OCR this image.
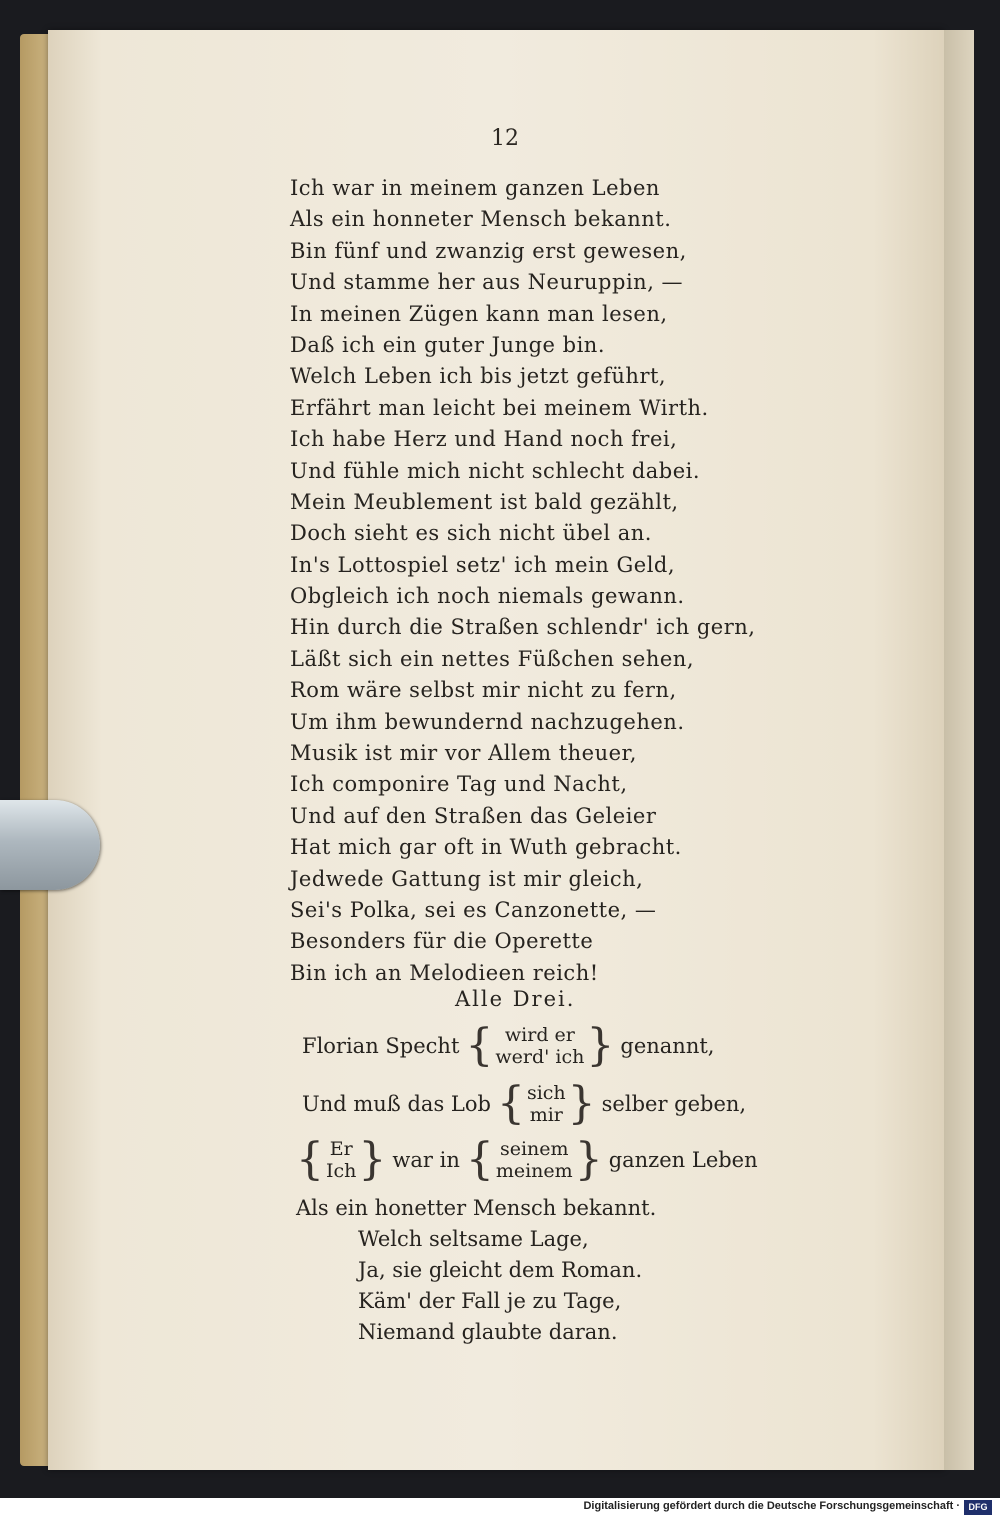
12
Ich war in meinem ganzen Leben
Als ein honneter Mensch bekannt.
Bin fünf und zwanzig erst gewesen,
Und stamme her aus Neuruppin, —
In meinen Zügen kann man lesen,
Daß ich ein guter Junge bin.
Welch Leben ich bis jetzt geführt,
Erfährt man leicht bei meinem Wirth.
Ich habe Herz und Hand noch frei,
Und fühle mich nicht schlecht dabei.
Mein Meublement ist bald gezählt,
Doch sieht es sich nicht übel an.
In's Lottospiel setz' ich mein Geld,
Obgleich ich noch niemals gewann.
Hin durch die Straßen schlendr' ich gern,
Läßt sich ein nettes Füßchen sehen,
Rom wäre selbst mir nicht zu fern,
Um ihm bewundernd nachzugehen.
Musik ist mir vor Allem theuer,
Ich componire Tag und Nacht,
Und auf den Straßen das Geleier
Hat mich gar oft in Wuth gebracht.
Jedwede Gattung ist mir gleich,
Sei's Polka, sei es Canzonette, —
Besonders für die Operette
Bin ich an Melodieen reich!
Alle Drei.
Florian Specht { wird er
werd' ich } genannt,
Und muß das Lob { sich
mir } selber geben,
{ Er
Ich } war in { seinem
meinem } ganzen Leben
Als ein honetter Mensch bekannt.
Welch seltsame Lage,
Ja, sie gleicht dem Roman.
Käm' der Fall je zu Tage,
Niemand glaubte daran.
Digitalisierung gefördert durch die Deutsche Forschungsgemeinschaft · DFG
